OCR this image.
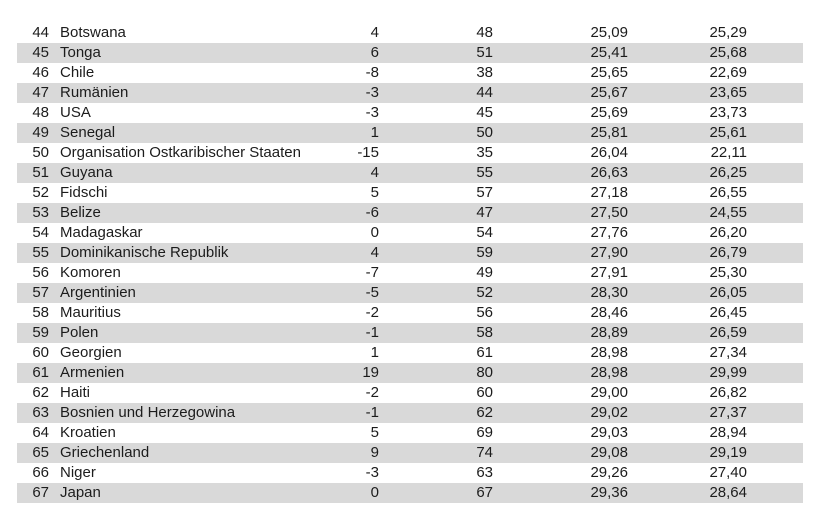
44 Botswana	4	48	25,09	25,29
45 Tonga	6	51	25,41	25,68
46 Chile	-8	38	25,65	22,69
47 Rumänien	-3	44	25,67	23,65
48 USA	-3	45	25,69	23,73
49 Senegal	1	50	25,81	25,61
50 Organisation Ostkaribischer Staaten	-15	35	26,04	22,11
51 Guyana	4	55	26,63	26,25
52 Fidschi	5	57	27,18	26,55
53 Belize	-6	47	27,50	24,55
54 Madagaskar	0	54	27,76	26,20
55 Dominikanische Republik	4	59	27,90	26,79
56 Komoren	-7	49	27,91	25,30
57 Argentinien	-5	52	28,30	26,05
58 Mauritius	-2	56	28,46	26,45
59 Polen	-1	58	28,89	26,59
60 Georgien	1	61	28,98	27,34
61 Armenien	19	80	28,98	29,99
62 Haiti	-2	60	29,00	26,82
63 Bosnien und Herzegowina	-1	62	29,02	27,37
64 Kroatien	5	69	29,03	28,94
65 Griechenland	9	74	29,08	29,19
66 Niger	-3	63	29,26	27,40
67 Japan	0	67	29,36	28,64
